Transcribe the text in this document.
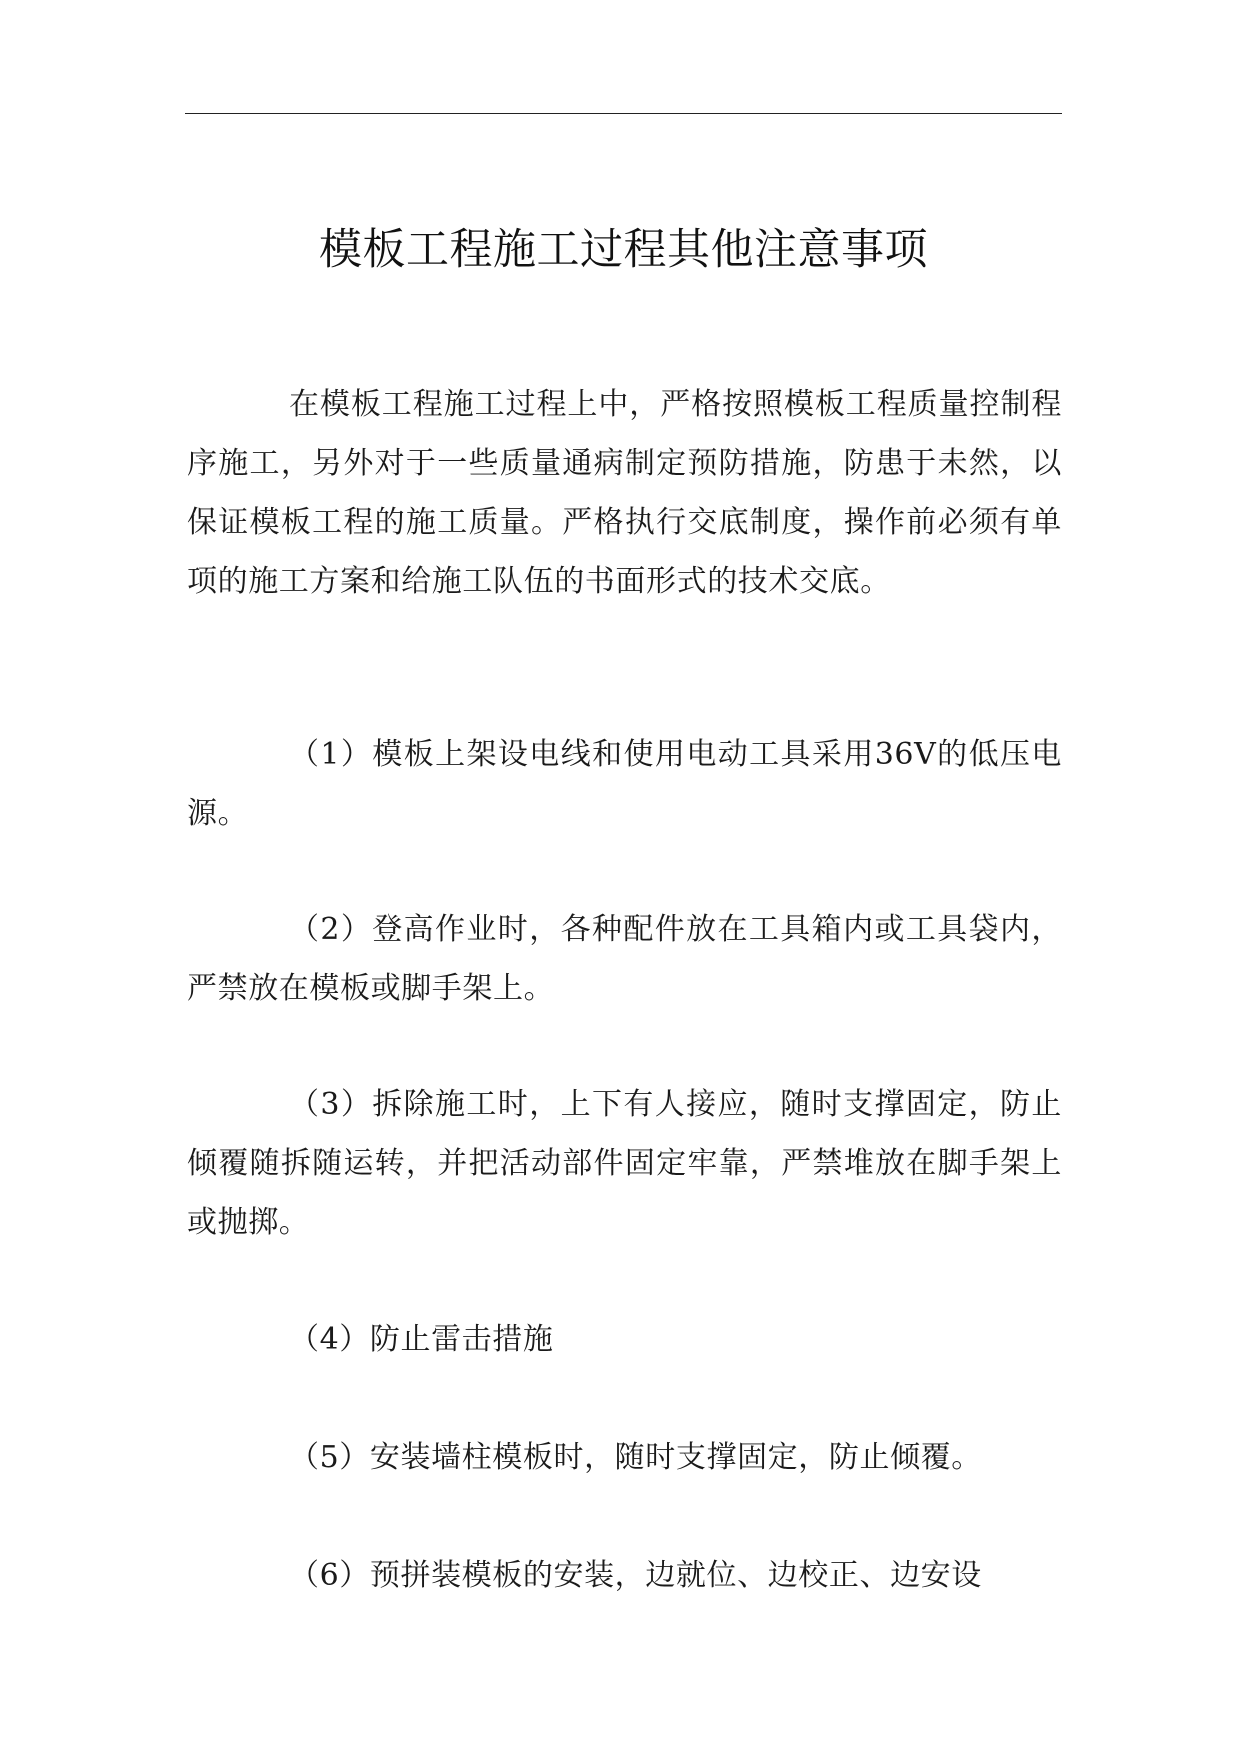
模板工程施工过程其他注意事项

在模板工程施工过程上中，严格按照模板工程质量控制程序施工，另外对于一些质量通病制定预防措施，防患于未然，以保证模板工程的施工质量。严格执行交底制度，操作前必须有单项的施工方案和给施工队伍的书面形式的技术交底。

（1）模板上架设电线和使用电动工具采用36V的低压电源。

（2）登高作业时，各种配件放在工具箱内或工具袋内，严禁放在模板或脚手架上。

（3）拆除施工时，上下有人接应，随时支撑固定，防止倾覆随拆随运转，并把活动部件固定牢靠，严禁堆放在脚手架上或抛掷。

（4）防止雷击措施

（5）安装墙柱模板时，随时支撑固定，防止倾覆。

（6）预拼装模板的安装，边就位、边校正、边安设
